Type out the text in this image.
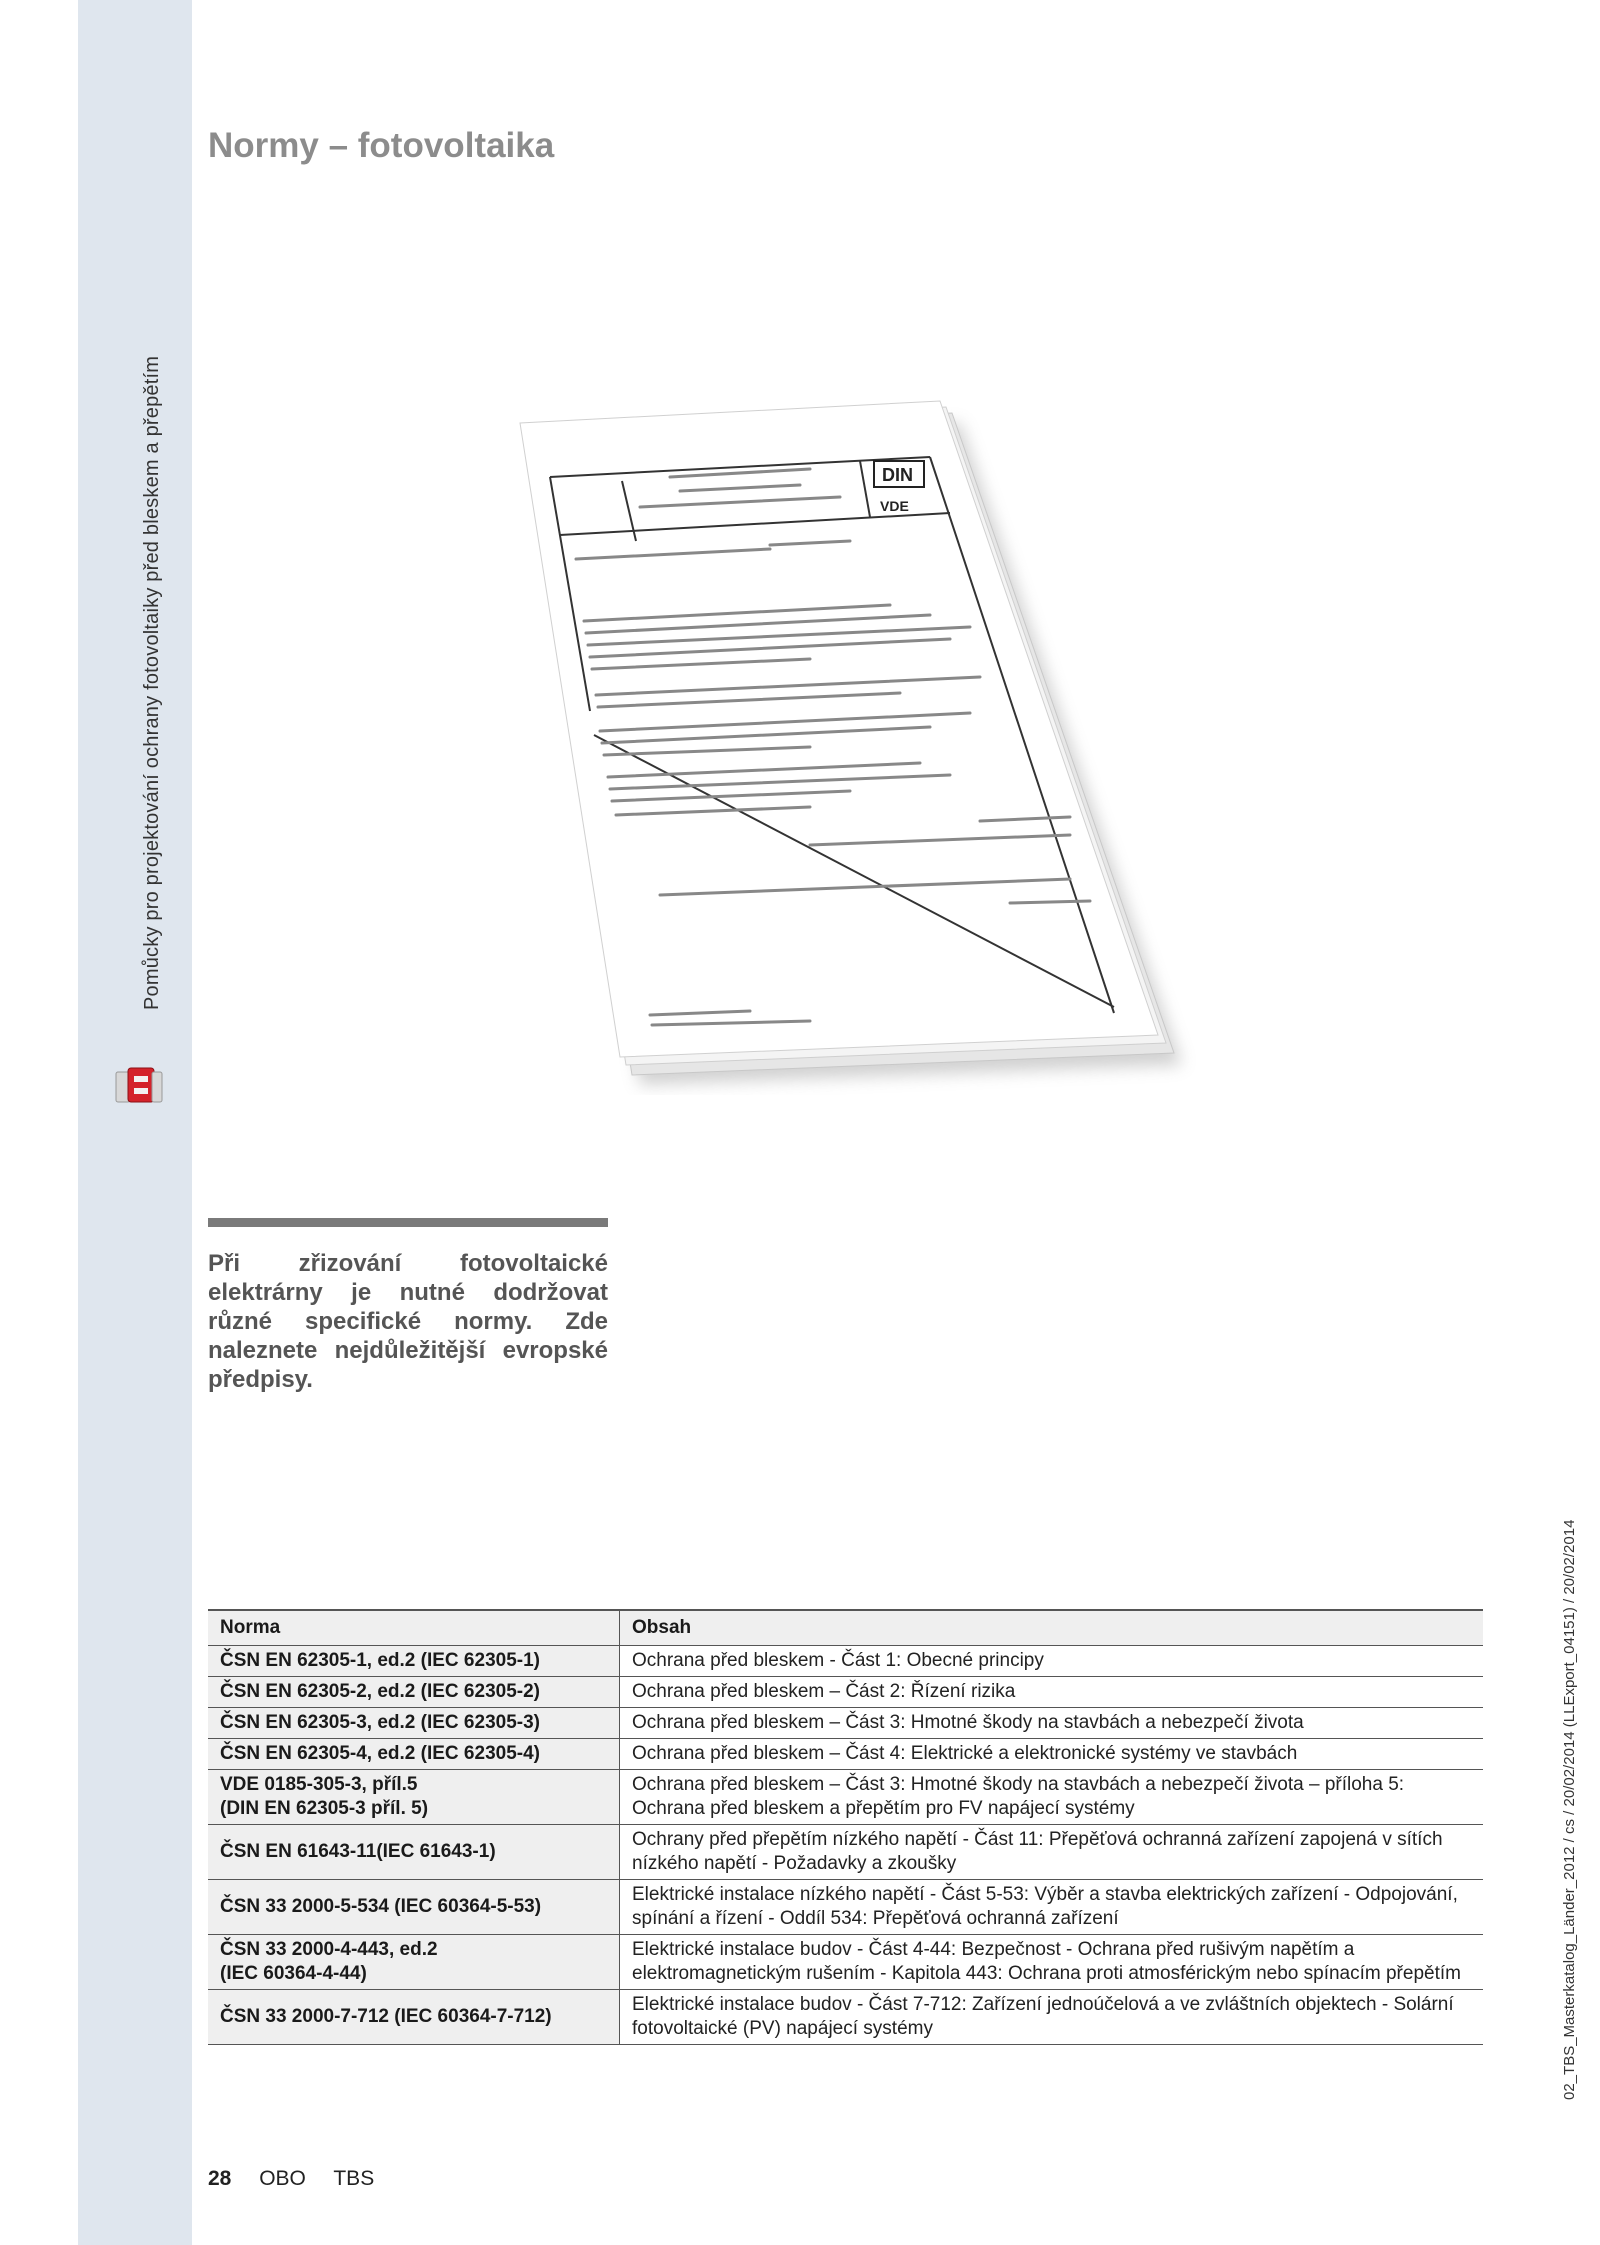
Pomůcky pro projektování ochrany fotovoltaiky před bleskem a přepětím
Normy – fotovoltaika
DIN
VDE

Při zřizování fotovoltaické elektrárny je nutné dodržovat různé specifické normy. Zde naleznete nejdůležitější evropské předpisy.

02_TBS_Masterkatalog_Länder_2012 / cs / 20/02/2014 (LLExport_04151) / 20/02/2014
Norma	Obsah
ČSN EN 62305-1, ed.2 (IEC 62305-1)	Ochrana před bleskem - Část 1: Obecné principy
ČSN EN 62305-2, ed.2 (IEC 62305-2)	Ochrana před bleskem – Část 2: Řízení rizika
ČSN EN 62305-3, ed.2 (IEC 62305-3)	Ochrana před bleskem – Část 3: Hmotné škody na stavbách a nebezpečí života
ČSN EN 62305-4, ed.2 (IEC 62305-4)	Ochrana před bleskem – Část 4: Elektrické a elektronické systémy ve stavbách
VDE 0185-305-3, příl.5
(DIN EN 62305-3 příl. 5)	Ochrana před bleskem – Část 3: Hmotné škody na stavbách a nebezpečí života – příloha 5: Ochrana před bleskem a přepětím pro FV napájecí systémy
ČSN EN 61643-11(IEC 61643-1)	Ochrany před přepětím nízkého napětí - Část 11: Přepěťová ochranná zařízení zapojená v sítích nízkého napětí - Požadavky a zkoušky
ČSN 33 2000-5-534 (IEC 60364-5-53)	Elektrické instalace nízkého napětí - Část 5-53: Výběr a stavba elektrických zařízení - Odpojování, spínání a řízení - Oddíl 534: Přepěťová ochranná zařízení
ČSN 33 2000-4-443, ed.2
(IEC 60364-4-44)	Elektrické instalace budov - Část 4-44: Bezpečnost - Ochrana před rušivým napětím a elektromagnetickým rušením - Kapitola 443: Ochrana proti atmosférickým nebo spínacím přepětím
ČSN 33 2000-7-712 (IEC 60364-7-712)	Elektrické instalace budov - Část 7-712: Zařízení jednoúčelová a ve zvláštních objektech - Solární fotovoltaické (PV) napájecí systémy
28 OBO TBS
